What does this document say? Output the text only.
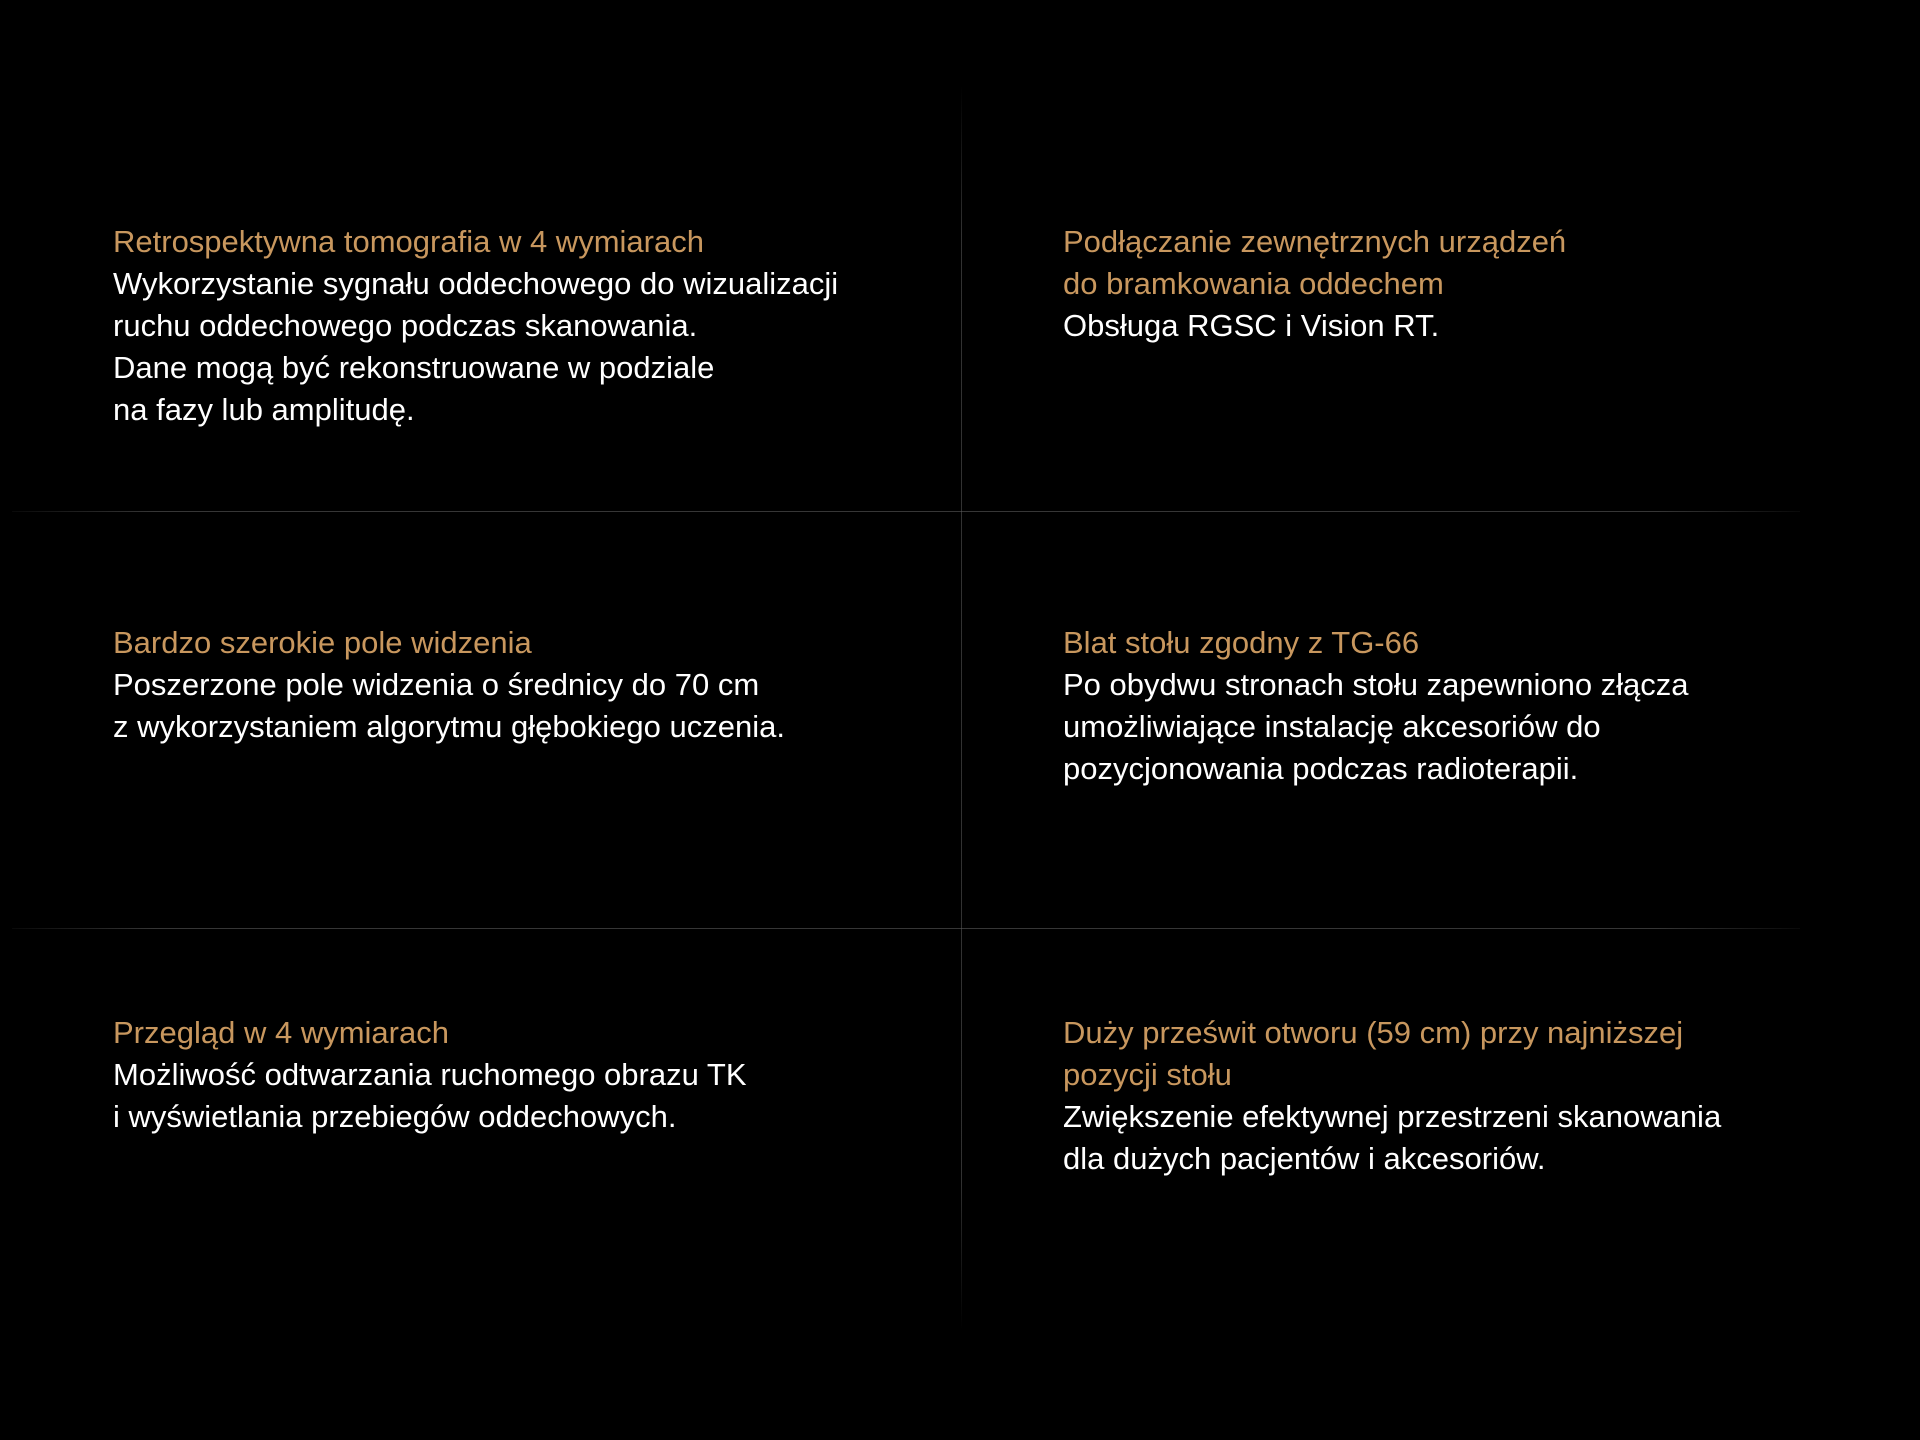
Retrospektywna tomografia w 4 wymiarach

Wykorzystanie sygnału oddechowego do wizualizacji
ruchu oddechowego podczas skanowania.
Dane mogą być rekonstruowane w podziale
na fazy lub amplitudę.

Podłączanie zewnętrznych urządzeń
do bramkowania oddechem

Obsługa RGSC i Vision RT.

Bardzo szerokie pole widzenia

Poszerzone pole widzenia o średnicy do 70 cm
z wykorzystaniem algorytmu głębokiego uczenia.

Blat stołu zgodny z TG-66

Po obydwu stronach stołu zapewniono złącza
umożliwiające instalację akcesoriów do
pozycjonowania podczas radioterapii.

Przegląd w 4 wymiarach

Możliwość odtwarzania ruchomego obrazu TK
i wyświetlania przebiegów oddechowych.

Duży prześwit otworu (59 cm) przy najniższej
pozycji stołu

Zwiększenie efektywnej przestrzeni skanowania
dla dużych pacjentów i akcesoriów.
